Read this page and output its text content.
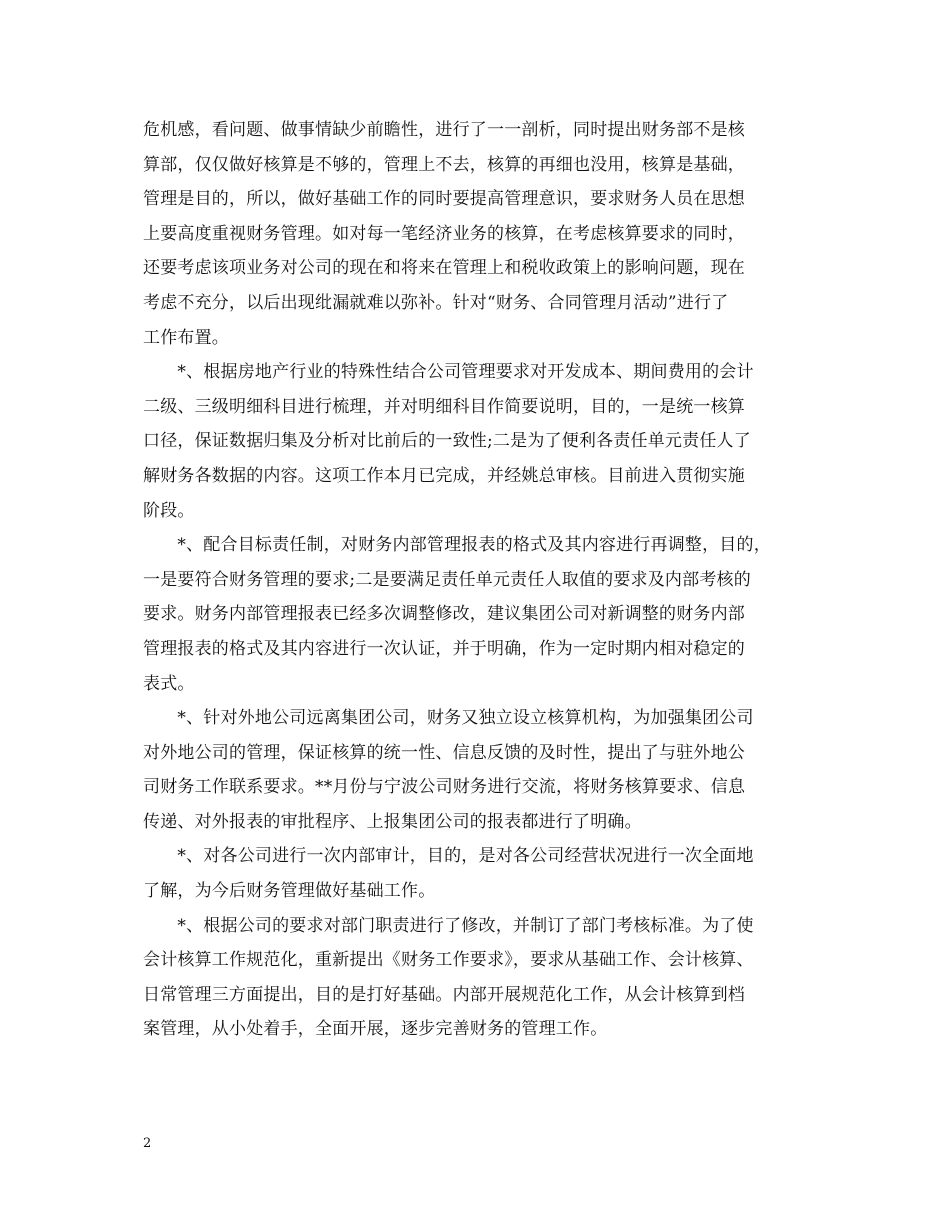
危机感，看问题、做事情缺少前瞻性，进行了一一剖析，同时提出财务部不是核
算部，仅仅做好核算是不够的，管理上不去，核算的再细也没用，核算是基础，
管理是目的，所以，做好基础工作的同时要提高管理意识，要求财务人员在思想
上要高度重视财务管理。如对每一笔经济业务的核算，在考虑核算要求的同时，
还要考虑该项业务对公司的现在和将来在管理上和税收政策上的影响问题，现在
考虑不充分，以后出现纰漏就难以弥补。针对“财务、合同管理月活动”进行了
工作布置。
　　*、根据房地产行业的特殊性结合公司管理要求对开发成本、期间费用的会计
二级、三级明细科目进行梳理，并对明细科目作简要说明，目的，一是统一核算
口径，保证数据归集及分析对比前后的一致性;二是为了便利各责任单元责任人了
解财务各数据的内容。这项工作本月已完成，并经姚总审核。目前进入贯彻实施
阶段。
　　*、配合目标责任制，对财务内部管理报表的格式及其内容进行再调整，目的，
一是要符合财务管理的要求;二是要满足责任单元责任人取值的要求及内部考核的
要求。财务内部管理报表已经多次调整修改，建议集团公司对新调整的财务内部
管理报表的格式及其内容进行一次认证，并于明确，作为一定时期内相对稳定的
表式。
　　*、针对外地公司远离集团公司，财务又独立设立核算机构，为加强集团公司
对外地公司的管理，保证核算的统一性、信息反馈的及时性，提出了与驻外地公
司财务工作联系要求。**月份与宁波公司财务进行交流，将财务核算要求、信息
传递、对外报表的审批程序、上报集团公司的报表都进行了明确。
　　*、对各公司进行一次内部审计，目的，是对各公司经营状况进行一次全面地
了解，为今后财务管理做好基础工作。
　　*、根据公司的要求对部门职责进行了修改，并制订了部门考核标准。为了使
会计核算工作规范化，重新提出《财务工作要求》，要求从基础工作、会计核算、
日常管理三方面提出，目的是打好基础。内部开展规范化工作，从会计核算到档
案管理，从小处着手，全面开展，逐步完善财务的管理工作。
2
